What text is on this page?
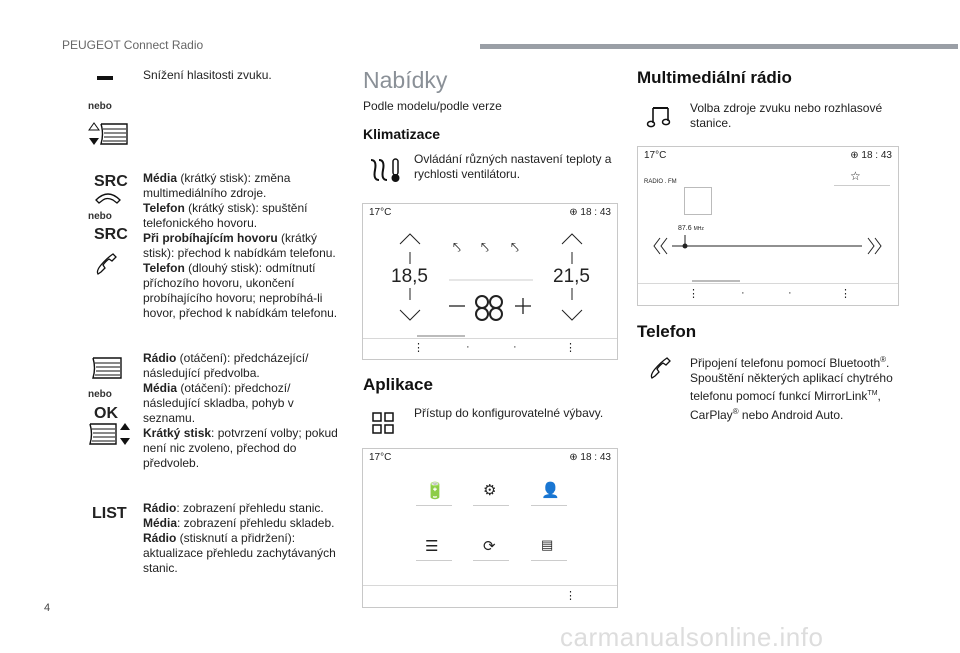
PEUGEOT Connect Radio
4
carmanualsonline.info
Snížení hlasitosti zvuku.
nebo
SRC
nebo
SRC
Média (krátký stisk): změna multimediálního zdroje.
Telefon (krátký stisk): spuštění telefonického hovoru.
Při probíhajícím hovoru (krátký stisk): přechod k nabídkám telefonu.
Telefon (dlouhý stisk): odmítnutí příchozího hovoru, ukončení probíhajícího hovoru; neprobíhá-li hovor, přechod k nabídkám telefonu.
nebo
OK
Rádio (otáčení): předcházející/ následující předvolba.
Média (otáčení): předchozí/ následující skladba, pohyb v seznamu.
Krátký stisk: potvrzení volby; pokud není nic zvoleno, přechod do předvoleb.
LIST Rádio: zobrazení přehledu stanic.
Média: zobrazení přehledu skladeb.
Rádio (stisknutí a přidržení): aktualizace přehledu zachytávaných stanic.
Nabídky
Podle modelu/podle verze
Klimatizace
Ovládání různých nastavení teploty a rychlosti ventilátoru.
17°C	⊕ 18 : 43
⤣ ⤣ ⤣
18,5	21,5
⋮	·	·	⋮
Aplikace
Přístup do konfigurovatelné výbavy.
17°C	⊕ 18 : 43
🔋	⚙	👤
☰	⟳	▤
⋮
Multimediální rádio
Volba zdroje zvuku nebo rozhlasové stanice.
17°C	⊕ 18 : 43
☆
RADIO . FM
87.6 MHz
⋮	·	·	⋮
Telefon
Připojení telefonu pomocí Bluetooth®.
Spouštění některých aplikací chytrého telefonu pomocí funkcí MirrorLink™, CarPlay® nebo Android Auto.
